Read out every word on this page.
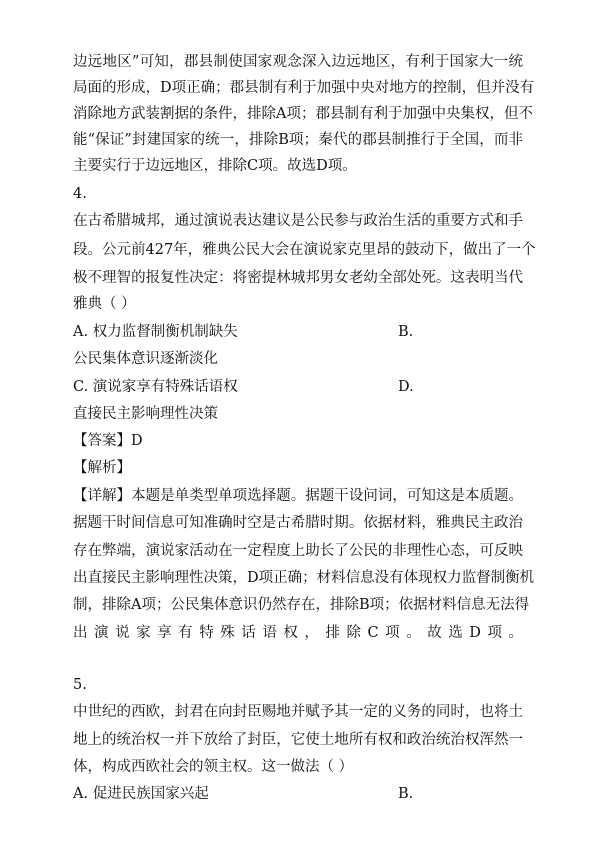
边远地区”可知，郡县制使国家观念深入边远地区，有利于国家大一统
局面的形成，D项正确；郡县制有利于加强中央对地方的控制，但并没有
消除地方武装割据的条件，排除A项；郡县制有利于加强中央集权，但不
能“保证”封建国家的统一，排除B项；秦代的郡县制推行于全国，而非
主要实行于边远地区，排除C项。故选D项。
4.
在古希腊城邦，通过演说表达建议是公民参与政治生活的重要方式和手
段。公元前427年，雅典公民大会在演说家克里昂的鼓动下，做出了一个
极不理智的报复性决定：将密提林城邦男女老幼全部处死。这表明当代
雅典（ ）
A. 权力监督制衡机制缺失	B.
公民集体意识逐渐淡化
C. 演说家享有特殊话语权	D.
直接民主影响理性决策
【答案】D
【解析】
【详解】本题是单类型单项选择题。据题干设问词，可知这是本质题。
据题干时间信息可知准确时空是古希腊时期。依据材料，雅典民主政治
存在弊端，演说家活动在一定程度上助长了公民的非理性心态，可反映
出直接民主影响理性决策，D项正确；材料信息没有体现权力监督制衡机
制，排除A项；公民集体意识仍然存在，排除B项；依据材料信息无法得
出演说家享有特殊话语权，排除C项。故选D项。
5.
中世纪的西欧，封君在向封臣赐地并赋予其一定的义务的同时，也将土
地上的统治权一并下放给了封臣，它使土地所有权和政治统治权浑然一
体，构成西欧社会的领主权。这一做法（ ）
A. 促进民族国家兴起	B.
